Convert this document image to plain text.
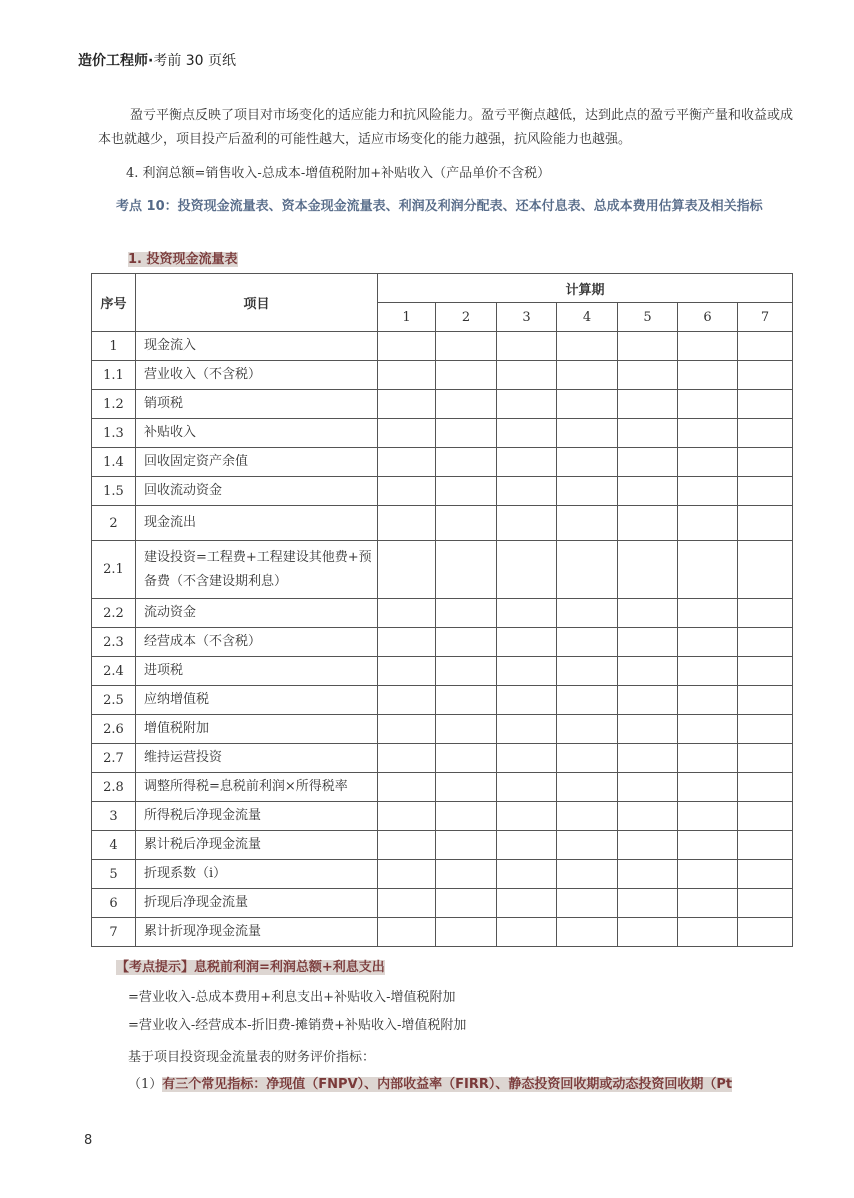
造价工程师·考前 30 页纸
盈亏平衡点反映了项目对市场变化的适应能力和抗风险能力。盈亏平衡点越低，达到此点的盈亏平衡产量和收益或成本也就越少，项目投产后盈利的可能性越大，适应市场变化的能力越强，抗风险能力也越强。
4. 利润总额=销售收入-总成本-增值税附加+补贴收入（产品单价不含税）
考点 10：投资现金流量表、资本金现金流量表、利润及利润分配表、还本付息表、总成本费用估算表及相关指标
1. 投资现金流量表
序号	项目	计算期						
		1	2	3	4	5	6	7
1	现金流入							
1.1	营业收入（不含税）							
1.2	销项税							
1.3	补贴收入							
1.4	回收固定资产余值							
1.5	回收流动资金							
2	现金流出							
2.1	建设投资=工程费+工程建设其他费+预备费（不含建设期利息）							
2.2	流动资金							
2.3	经营成本（不含税）							
2.4	进项税							
2.5	应纳增值税							
2.6	增值税附加							
2.7	维持运营投资							
2.8	调整所得税=息税前利润×所得税率							
3	所得税后净现金流量							
4	累计税后净现金流量							
5	折现系数（i）							
6	折现后净现金流量							
7	累计折现净现金流量							
【考点提示】息税前利润=利润总额+利息支出
=营业收入-总成本费用+利息支出+补贴收入-增值税附加
=营业收入-经营成本-折旧费-摊销费+补贴收入-增值税附加
基于项目投资现金流量表的财务评价指标：
（1）有三个常见指标：净现值（FNPV）、内部收益率（FIRR）、静态投资回收期或动态投资回收期（Pt
8
